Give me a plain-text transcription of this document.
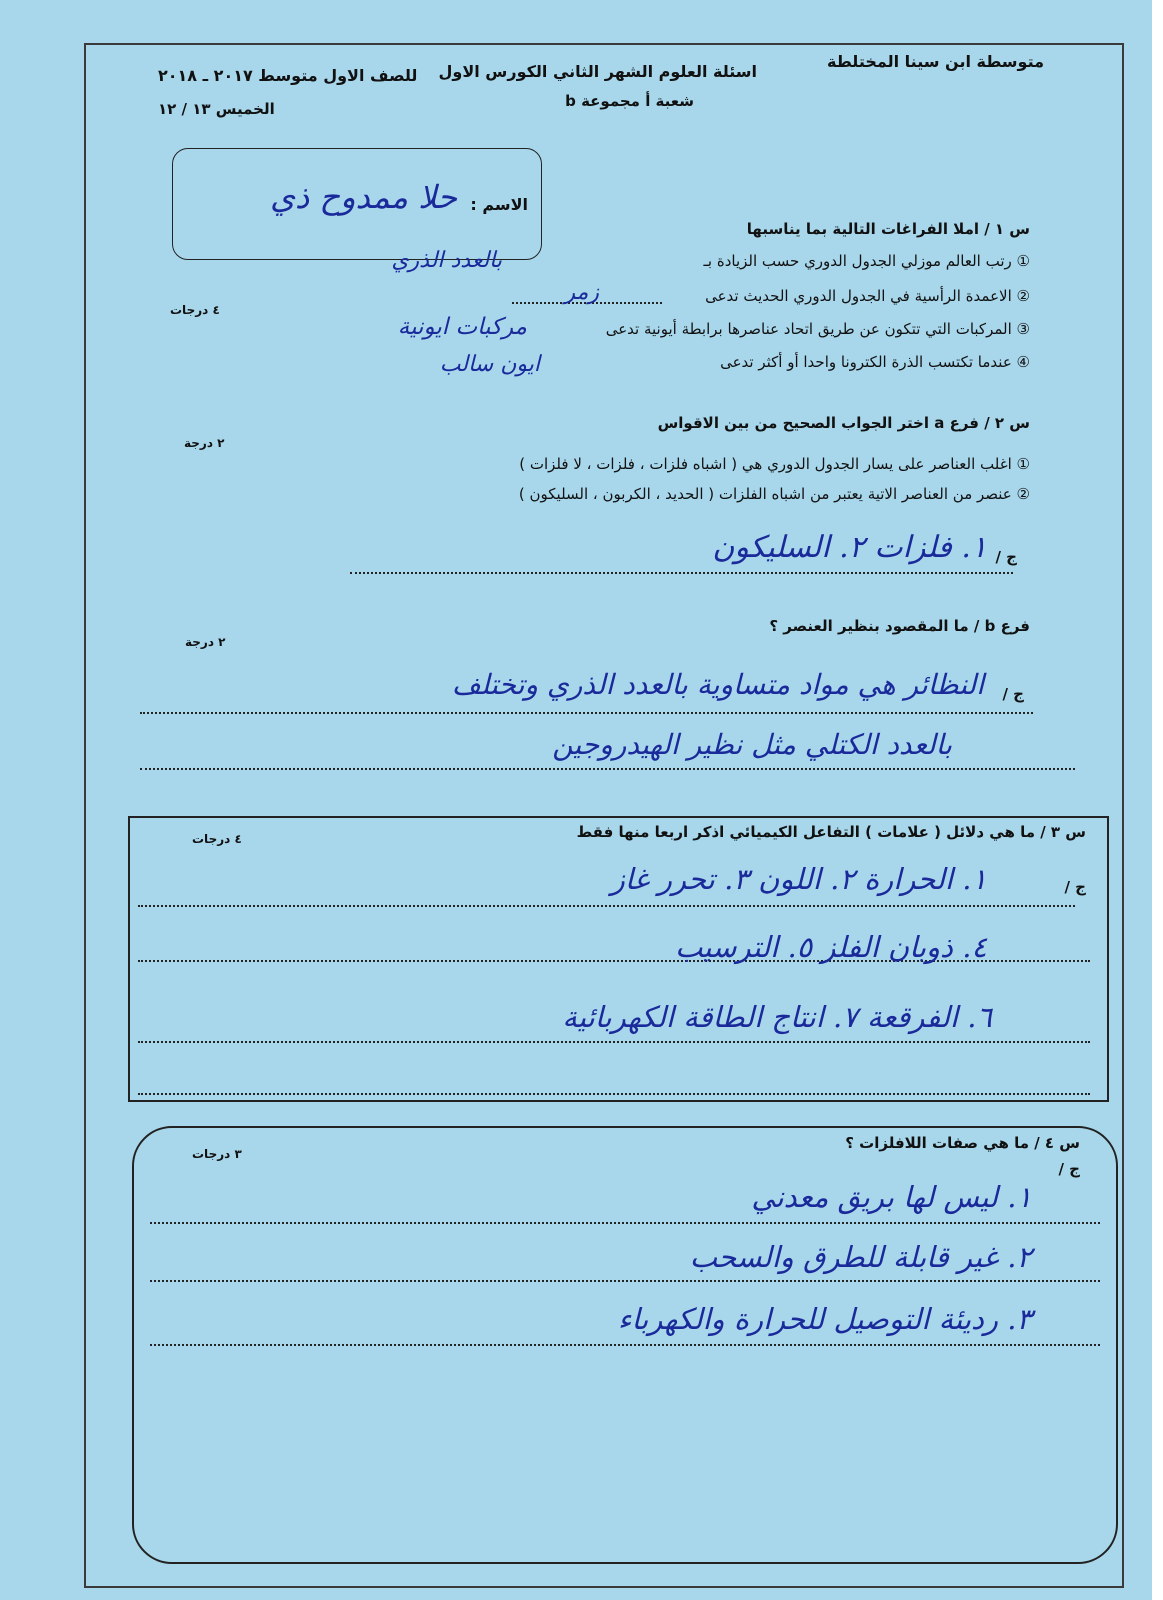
متوسطة ابن سينا المختلطة
اسئلة العلوم الشهر الثاني الكورس الاول
للصف الاول متوسط ٢٠١٧ ـ ٢٠١٨
شعبة أ مجموعة b
الخميس ١٣ / ١٢
الاسم :
حلا ممدوح ذي
س ١ / املا الفراغات التالية بما يناسبها
٤ درجات
① رتب العالم موزلي الجدول الدوري حسب الزيادة بـ
بالعدد الذري
② الاعمدة الرأسية في الجدول الدوري الحديث تدعى
زمر
③ المركبات التي تتكون عن طريق اتحاد عناصرها برابطة أيونية تدعى
مركبات ايونية
④ عندما تكتسب الذرة الكترونا واحدا أو أكثر تدعى
ايون سالب
س ٢ / فرع a اختر الجواب الصحيح من بين الاقواس
٢ درجة
① اغلب العناصر على يسار الجدول الدوري هي ( اشباه فلزات ، فلزات ، لا فلزات )
② عنصر من العناصر الاتية يعتبر من اشباه الفلزات ( الحديد ، الكربون ، السليكون )
ج /
١. فلزات ٢. السليكون
فرع b / ما المقصود بنظير العنصر ؟
٢ درجة
ج /
النظائر هي مواد متساوية بالعدد الذري وتختلف
بالعدد الكتلي مثل نظير الهيدروجين
س ٣ / ما هي دلائل ( علامات ) التفاعل الكيميائي اذكر اربعا منها فقط
٤ درجات
ج /
١. الحرارة ٢. اللون ٣. تحرر غاز
٤. ذوبان الفلز ٥. الترسيب
٦. الفرقعة ٧. انتاج الطاقة الكهربائية
س ٤ / ما هي صفات اللافلزات ؟
٣ درجات
ج /
١. ليس لها بريق معدني
٢. غير قابلة للطرق والسحب
٣. رديئة التوصيل للحرارة والكهرباء
